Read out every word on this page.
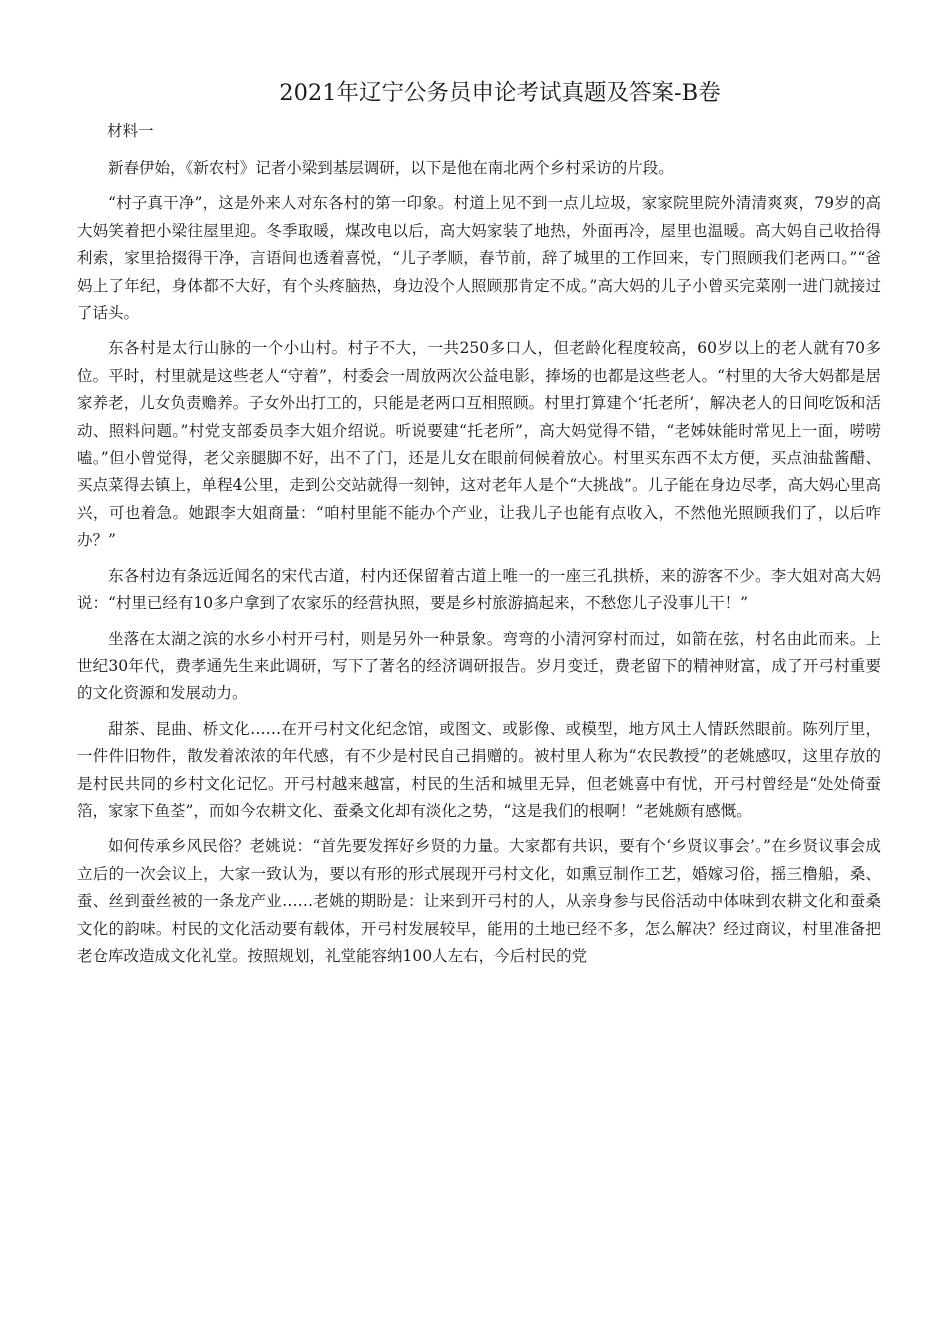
2021年辽宁公务员申论考试真题及答案-B卷
材料一

新春伊始，《新农村》记者小梁到基层调研，以下是他在南北两个乡村采访的片段。

“村子真干净”，这是外来人对东各村的第一印象。村道上见不到一点儿垃圾，家家院里院外清清爽爽，79岁的高大妈笑着把小梁往屋里迎。冬季取暖，煤改电以后，高大妈家装了地热，外面再冷，屋里也温暖。高大妈自己收拾得利索，家里拾掇得干净，言语间也透着喜悦，“儿子孝顺，春节前，辞了城里的工作回来，专门照顾我们老两口。”“爸妈上了年纪，身体都不大好，有个头疼脑热，身边没个人照顾那肯定不成。”高大妈的儿子小曾买完菜刚一进门就接过了话头。

东各村是太行山脉的一个小山村。村子不大，一共250多口人，但老龄化程度较高，60岁以上的老人就有70多位。平时，村里就是这些老人“守着”，村委会一周放两次公益电影，捧场的也都是这些老人。“村里的大爷大妈都是居家养老，儿女负责赡养。子女外出打工的，只能是老两口互相照顾。村里打算建个‘托老所’，解决老人的日间吃饭和活动、照料问题。”村党支部委员李大姐介绍说。听说要建“托老所”，高大妈觉得不错，“老姊妹能时常见上一面，唠唠嗑。”但小曾觉得，老父亲腿脚不好，出不了门，还是儿女在眼前伺候着放心。村里买东西不太方便，买点油盐酱醋、买点菜得去镇上，单程4公里，走到公交站就得一刻钟，这对老年人是个“大挑战”。儿子能在身边尽孝，高大妈心里高兴，可也着急。她跟李大姐商量：“咱村里能不能办个产业，让我儿子也能有点收入，不然他光照顾我们了，以后咋办？”

东各村边有条远近闻名的宋代古道，村内还保留着古道上唯一的一座三孔拱桥，来的游客不少。李大姐对高大妈说：“村里已经有10多户拿到了农家乐的经营执照，要是乡村旅游搞起来，不愁您儿子没事儿干！”

坐落在太湖之滨的水乡小村开弓村，则是另外一种景象。弯弯的小清河穿村而过，如箭在弦，村名由此而来。上世纪30年代，费孝通先生来此调研，写下了著名的经济调研报告。岁月变迁，费老留下的精神财富，成了开弓村重要的文化资源和发展动力。

甜茶、昆曲、桥文化……在开弓村文化纪念馆，或图文、或影像、或模型，地方风土人情跃然眼前。陈列厅里，一件件旧物件，散发着浓浓的年代感，有不少是村民自己捐赠的。被村里人称为“农民教授”的老姚感叹，这里存放的是村民共同的乡村文化记忆。开弓村越来越富，村民的生活和城里无异，但老姚喜中有忧，开弓村曾经是“处处倚蚕箔，家家下鱼荃”，而如今农耕文化、蚕桑文化却有淡化之势，“这是我们的根啊！”老姚颇有感慨。

如何传承乡风民俗？老姚说：“首先要发挥好乡贤的力量。大家都有共识，要有个‘乡贤议事会’。”在乡贤议事会成立后的一次会议上，大家一致认为，要以有形的形式展现开弓村文化，如熏豆制作工艺，婚嫁习俗，摇三橹船，桑、蚕、丝到蚕丝被的一条龙产业……老姚的期盼是：让来到开弓村的人，从亲身参与民俗活动中体味到农耕文化和蚕桑文化的韵味。村民的文化活动要有载体，开弓村发展较早，能用的土地已经不多，怎么解决？经过商议，村里准备把老仓库改造成文化礼堂。按照规划，礼堂能容纳100人左右，今后村民的党
